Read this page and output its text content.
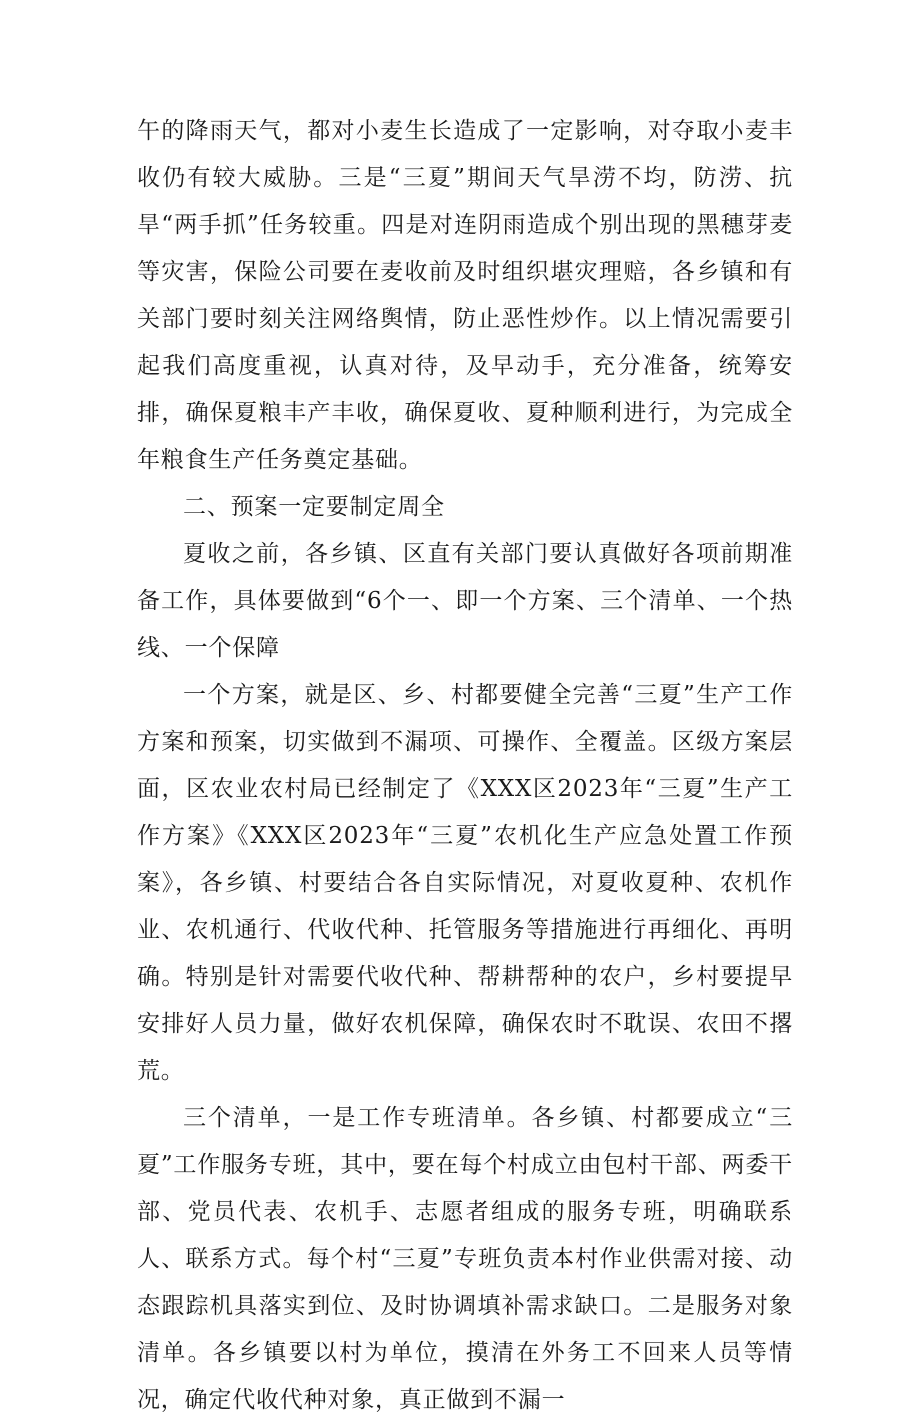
午的降雨天气，都对小麦生长造成了一定影响，对夺取小麦丰收仍有较大威胁。三是“三夏”期间天气旱涝不均，防涝、抗旱“两手抓”任务较重。四是对连阴雨造成个别出现的黑穗芽麦等灾害，保险公司要在麦收前及时组织堪灾理赔，各乡镇和有关部门要时刻关注网络舆情，防止恶性炒作。以上情况需要引起我们高度重视，认真对待，及早动手，充分准备，统筹安排，确保夏粮丰产丰收，确保夏收、夏种顺利进行，为完成全年粮食生产任务奠定基础。

二、预案一定要制定周全

夏收之前，各乡镇、区直有关部门要认真做好各项前期准备工作，具体要做到“6个一、即一个方案、三个清单、一个热线、一个保障

一个方案，就是区、乡、村都要健全完善“三夏”生产工作方案和预案，切实做到不漏项、可操作、全覆盖。区级方案层面，区农业农村局已经制定了《XXX区2023年“三夏”生产工作方案》《XXX区2023年“三夏”农机化生产应急处置工作预案》，各乡镇、村要结合各自实际情况，对夏收夏种、农机作业、农机通行、代收代种、托管服务等措施进行再细化、再明确。特别是针对需要代收代种、帮耕帮种的农户，乡村要提早安排好人员力量，做好农机保障，确保农时不耽误、农田不撂荒。

三个清单，一是工作专班清单。各乡镇、村都要成立“三夏”工作服务专班，其中，要在每个村成立由包村干部、两委干部、党员代表、农机手、志愿者组成的服务专班，明确联系人、联系方式。每个村“三夏”专班负责本村作业供需对接、动态跟踪机具落实到位、及时协调填补需求缺口。二是服务对象清单。各乡镇要以村为单位，摸清在外务工不回来人员等情况，确定代收代种对象，真正做到不漏一
